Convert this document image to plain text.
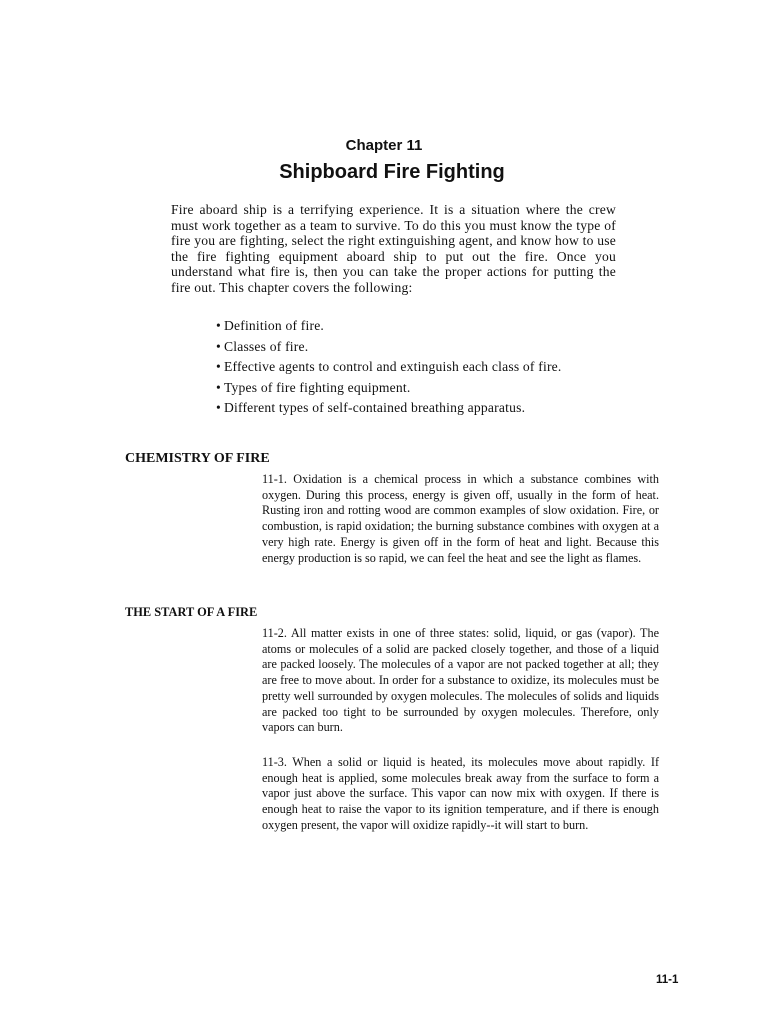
Chapter 11
Shipboard Fire Fighting

Fire aboard ship is a terrifying experience. It is a situation where the crew must work together as a team to survive. To do this you must know the type of fire you are fighting, select the right extinguishing agent, and know how to use the fire fighting equipment aboard ship to put out the fire. Once you understand what fire is, then you can take the proper actions for putting the fire out. This chapter covers the following:

• Definition of fire.
• Classes of fire.
• Effective agents to control and extinguish each class of fire.
• Types of fire fighting equipment.
• Different types of self-contained breathing apparatus.
CHEMISTRY OF FIRE

11-1. Oxidation is a chemical process in which a substance combines with oxygen. During this process, energy is given off, usually in the form of heat. Rusting iron and rotting wood are common examples of slow oxidation. Fire, or combustion, is rapid oxidation; the burning substance combines with oxygen at a very high rate. Energy is given off in the form of heat and light. Because this energy production is so rapid, we can feel the heat and see the light as flames.

THE START OF A FIRE

11-2. All matter exists in one of three states: solid, liquid, or gas (vapor). The atoms or molecules of a solid are packed closely together, and those of a liquid are packed loosely. The molecules of a vapor are not packed together at all; they are free to move about. In order for a substance to oxidize, its molecules must be pretty well surrounded by oxygen molecules. The molecules of solids and liquids are packed too tight to be surrounded by oxygen molecules. Therefore, only vapors can burn.

11-3. When a solid or liquid is heated, its molecules move about rapidly. If enough heat is applied, some molecules break away from the surface to form a vapor just above the surface. This vapor can now mix with oxygen. If there is enough heat to raise the vapor to its ignition temperature, and if there is enough oxygen present, the vapor will oxidize rapidly--it will start to burn.

11-1
